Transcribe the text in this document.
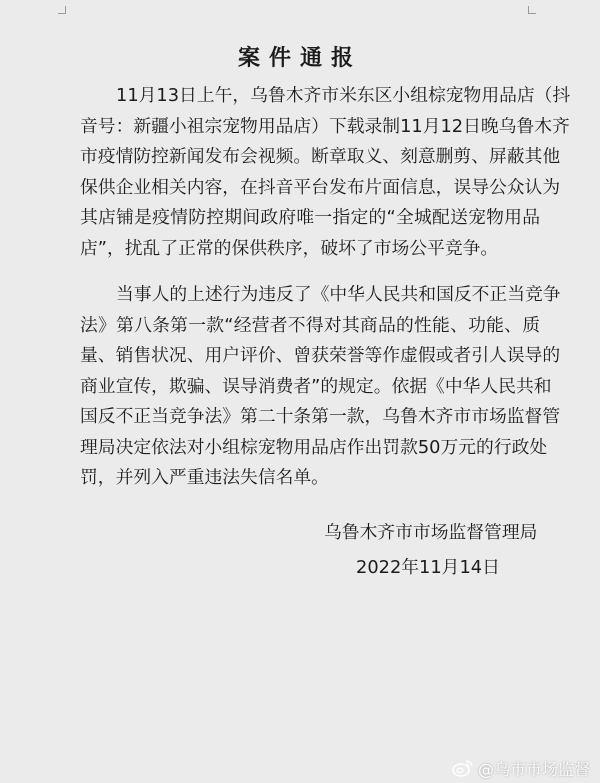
案件通报
11月13日上午，乌鲁木齐市米东区小组棕宠物用品店（抖
音号：新疆小祖宗宠物用品店）下载录制11月12日晚乌鲁木齐
市疫情防控新闻发布会视频。断章取义、刻意删剪、屏蔽其他
保供企业相关内容，在抖音平台发布片面信息，误导公众认为
其店铺是疫情防控期间政府唯一指定的“全城配送宠物用品
店”，扰乱了正常的保供秩序，破坏了市场公平竞争。
当事人的上述行为违反了《中华人民共和国反不正当竞争
法》第八条第一款“经营者不得对其商品的性能、功能、质
量、销售状况、用户评价、曾获荣誉等作虚假或者引人误导的
商业宣传，欺骗、误导消费者”的规定。依据《中华人民共和
国反不正当竞争法》第二十条第一款，乌鲁木齐市市场监督管
理局决定依法对小组棕宠物用品店作出罚款50万元的行政处
罚，并列入严重违法失信名单。
乌鲁木齐市市场监督管理局
2022年11月14日
@乌市市场监督
